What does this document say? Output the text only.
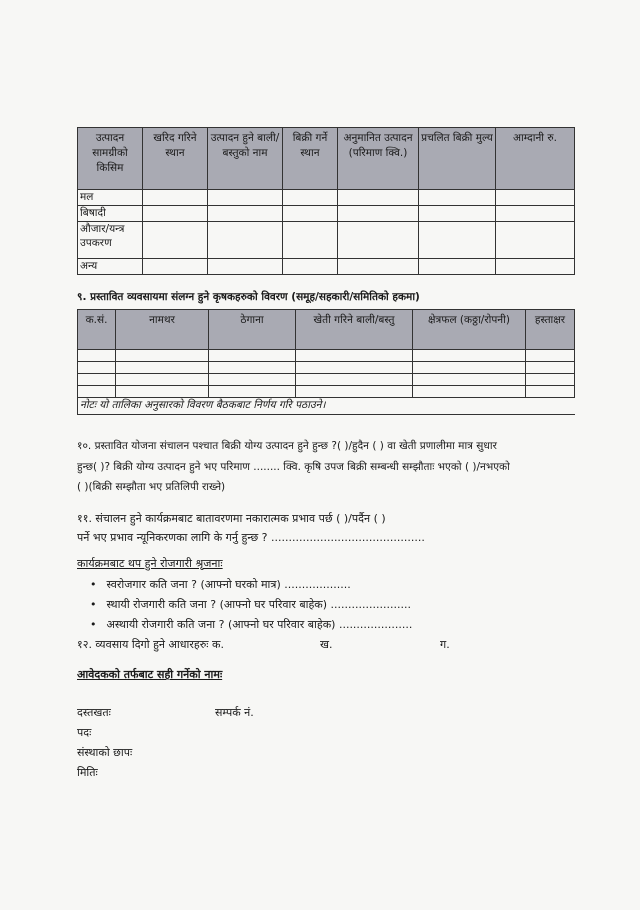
उत्पादन सामग्रीको किसिम	खरिद गरिने स्थान	उत्पादन हुने बाली/बस्तुको नाम	बिक्री गर्ने स्थान	अनुमानित उत्पादन (परिमाण क्वि.)	प्रचलित बिक्री मुल्य	आम्दानी रु.
मल						
बिषादी						
औजार/यन्त्र उपकरण						
अन्य						
९. प्रस्तावित व्यवसायमा संलग्न हुने कृषकहरुको विवरण (समूह/सहकारी/समितिको हकमा)
क.सं.	नामथर	ठेगाना	खेती गरिने बाली/बस्तु	क्षेत्रफल (कठ्ठा/रोपनी)	हस्ताक्षर

नोटः यो तालिका अनुसारको विवरण बैठकबाट निर्णय गरि पठाउने।					
१०. प्रस्तावित योजना संचालन पश्चात बिक्री योग्य उत्पादन हुने हुन्छ ?( )/हुदैन ( ) वा खेती प्रणालीमा मात्र सुधार
हुन्छ( )? बिक्री योग्य उत्पादन हुने भए परिमाण ........ क्वि. कृषि उपज बिक्री सम्बन्धी सम्झौताः भएको ( )/नभएको
( )(बिक्री सम्झौता भए प्रतिलिपी राख्ने)
११. संचालन हुने कार्यक्रमबाट बातावरणमा नकारात्मक प्रभाव पर्छ ( )/पर्दैन ( )
पर्ने भए प्रभाव न्यूनिकरणका लागि के गर्नु हुन्छ ? ............................................
कार्यक्रमबाट थप हुने रोजगारी श्रृजनाः
• स्वरोजगार कति जना ? (आफ्नो घरको मात्र) ...................
• स्थायी रोजगारी कति जना ? (आफ्नो घर परिवार बाहेक) .......................
• अस्थायी रोजगारी कति जना ? (आफ्नो घर परिवार बाहेक) .....................
१२. व्यवसाय दिगो हुने आधारहरुः क.	ख.	ग.
आवेदकको तर्फबाट सही गर्नेको नामः
दस्तखतः	सम्पर्क नं.
पदः
संस्थाको छापः
मितिः
